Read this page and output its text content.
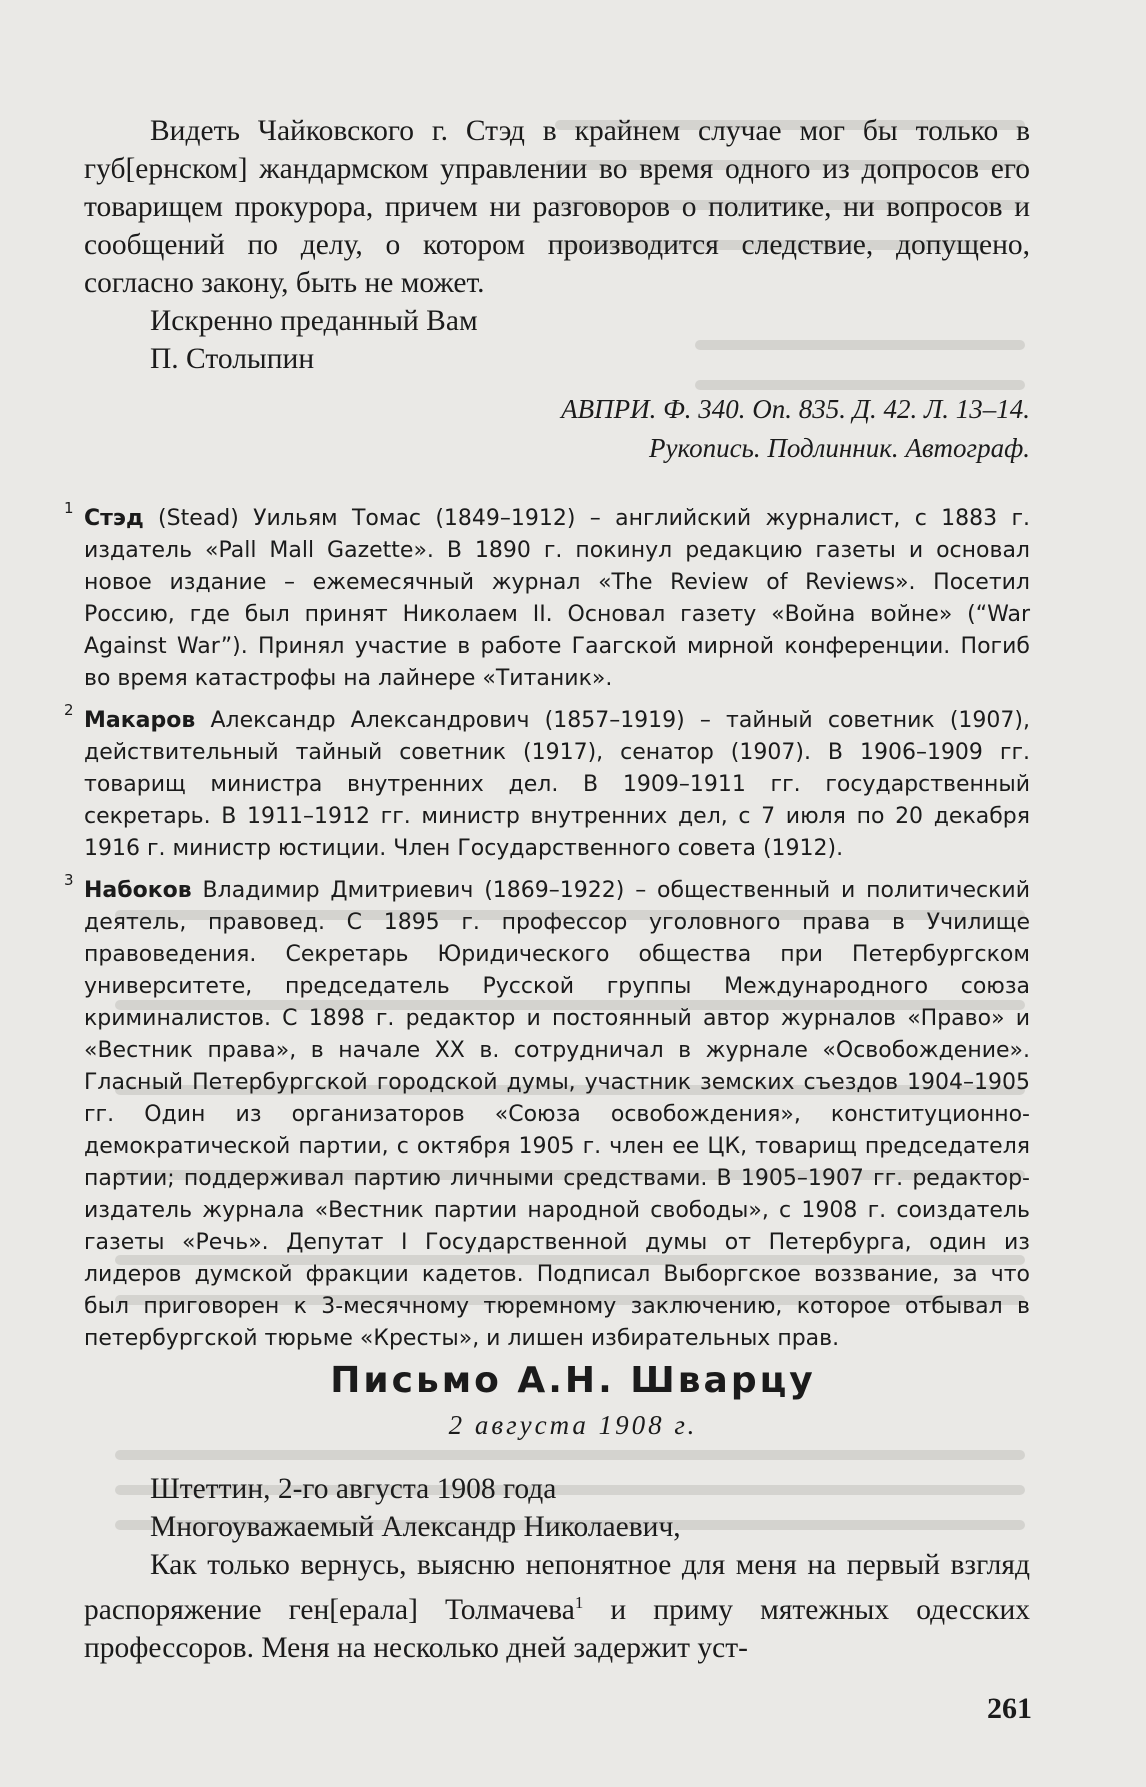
Видеть Чайковского г. Стэд в крайнем случае мог бы только в губ[ернском] жандармском управлении во время одного из допросов его товарищем прокурора, причем ни разговоров о политике, ни вопросов и сообщений по делу, о котором производится следствие, допущено, согласно закону, быть не может.

Искренно преданный Вам
П. Столыпин
АВПРИ. Ф. 340. Оп. 835. Д. 42. Л. 13–14.
Рукопись. Подлинник. Автограф.
1 Стэд (Stead) Уильям Томас (1849–1912) – английский журналист, с 1883 г. издатель «Pall Mall Gazette». В 1890 г. покинул редакцию газеты и основал новое издание – ежемесячный журнал «The Review of Reviews». Посетил Россию, где был принят Николаем II. Основал газету «Война войне» (“War Against War”). Принял участие в работе Гаагской мирной конференции. Погиб во время катастрофы на лайнере «Титаник».
2 Макаров Александр Александрович (1857–1919) – тайный советник (1907), действительный тайный советник (1917), сенатор (1907). В 1906–1909 гг. товарищ министра внутренних дел. В 1909–1911 гг. государственный секретарь. В 1911–1912 гг. министр внутренних дел, с 7 июля по 20 декабря 1916 г. министр юстиции. Член Государственного совета (1912).
3 Набоков Владимир Дмитриевич (1869–1922) – общественный и политический деятель, правовед. С 1895 г. профессор уголовного права в Училище правоведения. Секретарь Юридического общества при Петербургском университете, председатель Русской группы Международного союза криминалистов. С 1898 г. редактор и постоянный автор журналов «Право» и «Вестник права», в начале XX в. сотрудничал в журнале «Освобождение». Гласный Петербургской городской думы, участник земских съездов 1904–1905 гг. Один из организаторов «Союза освобождения», конституционно-демократической партии, с октября 1905 г. член ее ЦК, товарищ председателя партии; поддерживал партию личными средствами. В 1905–1907 гг. редактор-издатель журнала «Вестник партии народной свободы», с 1908 г. соиздатель газеты «Речь». Депутат I Государственной думы от Петербурга, один из лидеров думской фракции кадетов. Подписал Выборгское воззвание, за что был приговорен к 3-месячному тюремному заключению, которое отбывал в петербургской тюрьме «Кресты», и лишен избирательных прав.
Письмо А.Н. Шварцу
2 августа 1908 г.
Штеттин, 2-го августа 1908 года
Многоуважаемый Александр Николаевич,

Как только вернусь, выясню непонятное для меня на первый взгляд распоряжение ген[ерала] Толмачева$^1$ и приму мятежных одесских профессоров. Меня на несколько дней задержит уст-

261
